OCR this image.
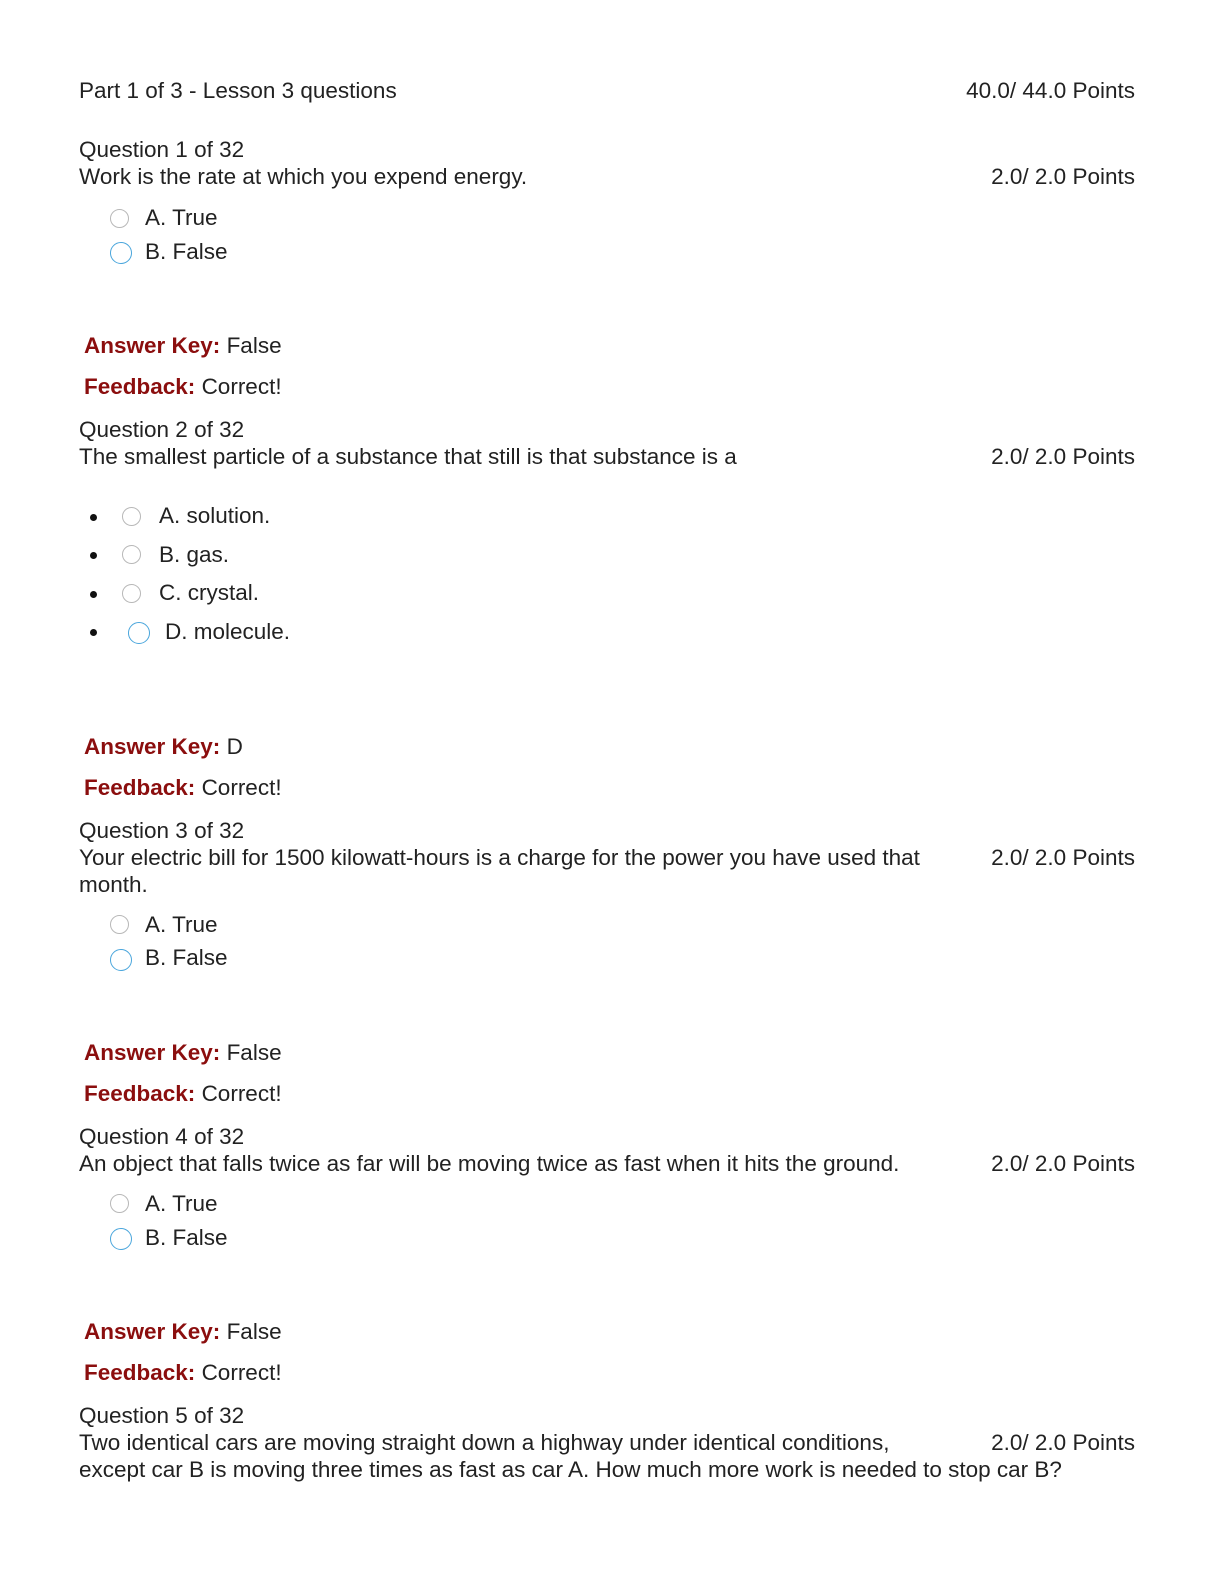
Part 1 of 3 - Lesson 3 questions	40.0/ 44.0 Points
Question 1 of 32
Work is the rate at which you expend energy.	2.0/ 2.0 Points
A. True
B. False
Answer Key: False
Feedback: Correct!
Question 2 of 32
The smallest particle of a substance that still is that substance is a	2.0/ 2.0 Points
A. solution.
B. gas.
C. crystal.
D. molecule.
Answer Key: D
Feedback: Correct!
Question 3 of 32
Your electric bill for 1500 kilowatt-hours is a charge for the power you have used that month.
2.0/ 2.0 Points
A. True
B. False
Answer Key: False
Feedback: Correct!
Question 4 of 32
An object that falls twice as far will be moving twice as fast when it hits the ground.	2.0/ 2.0 Points
A. True
B. False
Answer Key: False
Feedback: Correct!
Question 5 of 32
Two identical cars are moving straight down a highway under identical conditions,	2.0/ 2.0 Points
except car B is moving three times as fast as car A. How much more work is needed to stop car B?
